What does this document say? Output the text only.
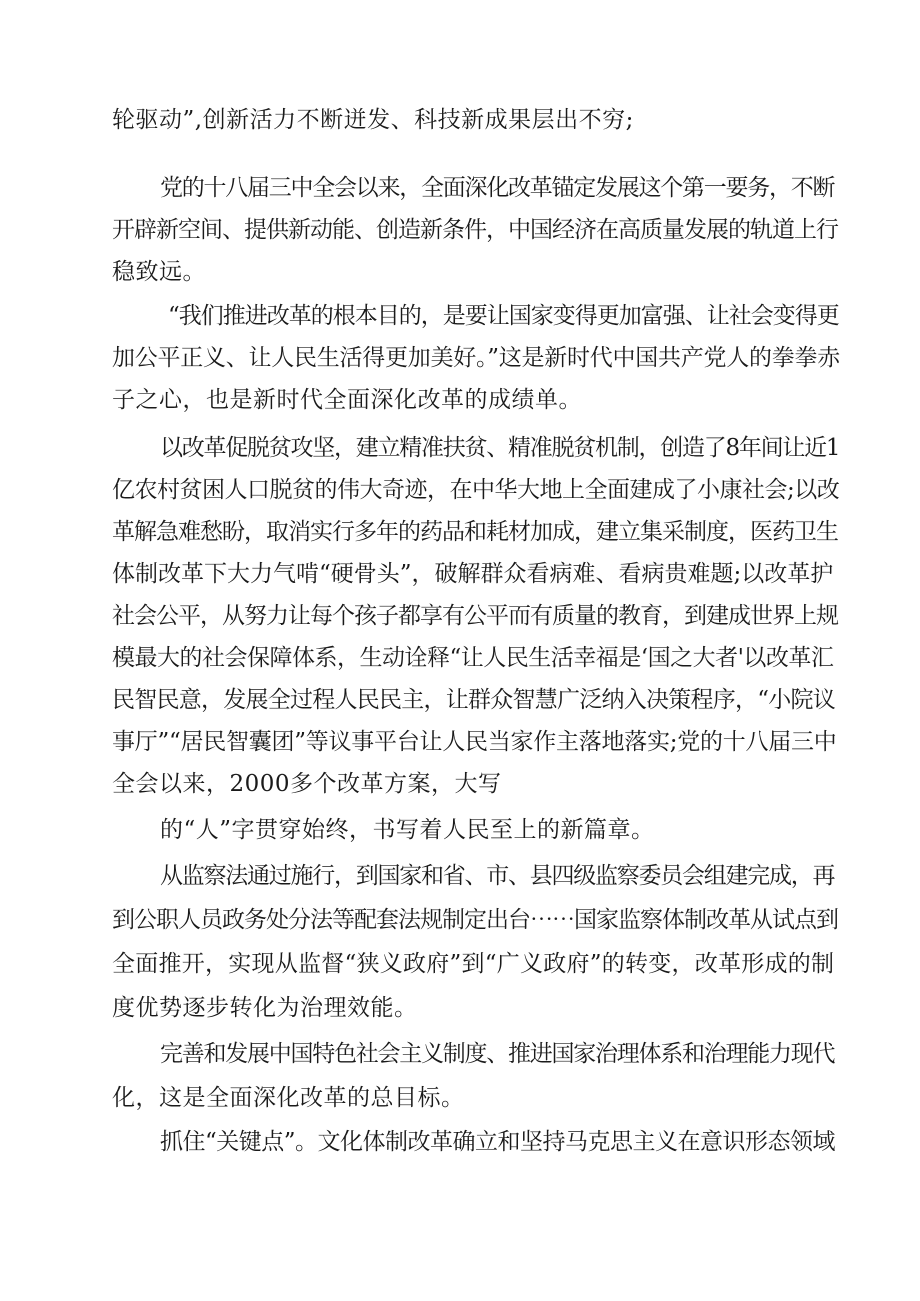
轮驱动”,创新活力不断迸发、科技新成果层出不穷;
党的十八届三中全会以来，全面深化改革锚定发展这个第一要务，不断
开辟新空间、提供新动能、创造新条件，中国经济在高质量发展的轨道上行
稳致远。
“我们推进改革的根本目的，是要让国家变得更加富强、让社会变得更
加公平正义、让人民生活得更加美好。”这是新时代中国共产党人的拳拳赤
子之心，也是新时代全面深化改革的成绩单。
以改革促脱贫攻坚，建立精准扶贫、精准脱贫机制，创造了8年间让近1
亿农村贫困人口脱贫的伟大奇迹，在中华大地上全面建成了小康社会;以改
革解急难愁盼，取消实行多年的药品和耗材加成，建立集采制度，医药卫生
体制改革下大力气啃“硬骨头”，破解群众看病难、看病贵难题;以改革护
社会公平，从努力让每个孩子都享有公平而有质量的教育，到建成世界上规
模最大的社会保障体系，生动诠释“让人民生活幸福是‘国之大者'以改革汇
民智民意，发展全过程人民民主，让群众智慧广泛纳入决策程序，“小院议
事厅”“居民智囊团”等议事平台让人民当家作主落地落实;党的十八届三中
全会以来，2000多个改革方案，大写
的“人”字贯穿始终，书写着人民至上的新篇章。
从监察法通过施行，到国家和省、市、县四级监察委员会组建完成，再
到公职人员政务处分法等配套法规制定出台⋯⋯国家监察体制改革从试点到
全面推开，实现从监督“狭义政府”到“广义政府”的转变，改革形成的制
度优势逐步转化为治理效能。
完善和发展中国特色社会主义制度、推进国家治理体系和治理能力现代
化，这是全面深化改革的总目标。
抓住“关键点”。文化体制改革确立和坚持马克思主义在意识形态领域
